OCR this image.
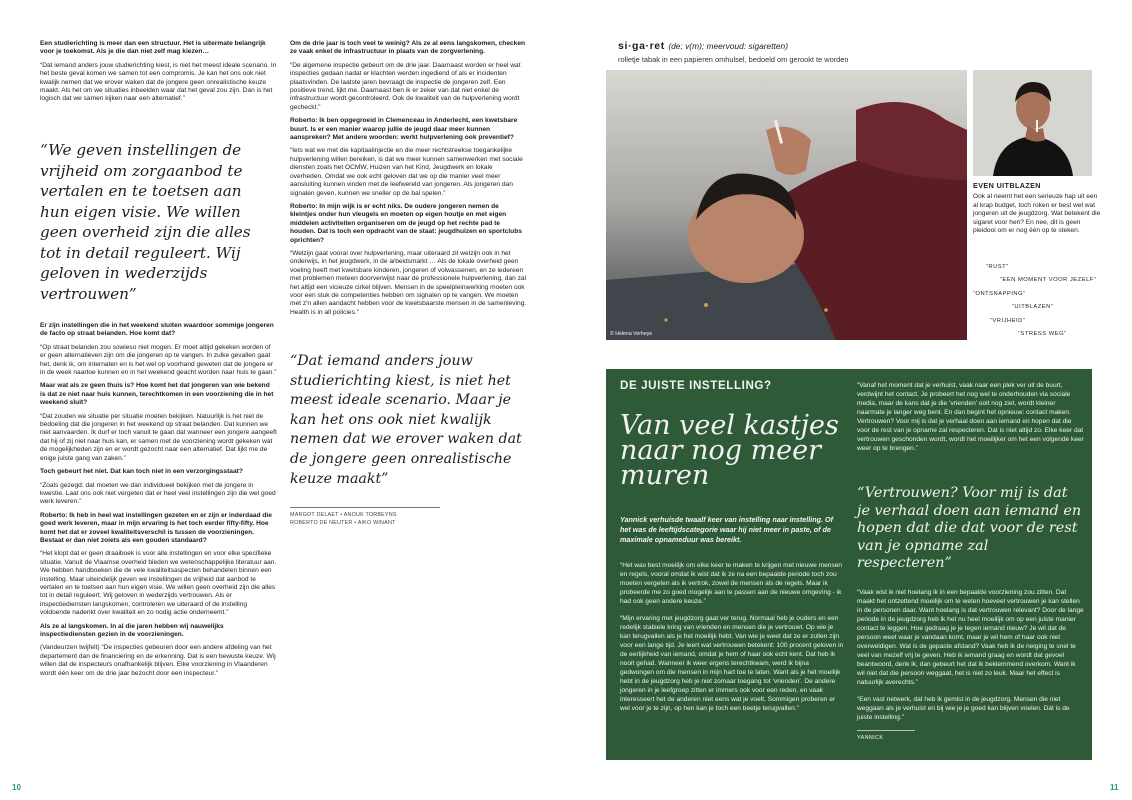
Een studierichting is meer dan een structuur. Het is uitermate belangrijk voor je toekomst. Als je die dan niet zelf mag kiezen…

“Dat iemand anders jouw studierichting kiest, is niet het meest ideale scenario. In het beste geval komen we samen tot een compromis. Je kan het ons ook niet kwalijk nemen dat we erover waken dat de jongere geen onrealistische keuze maakt. Als het om we situaties inbeelden waar dat het geval zou zijn. Dan is het logisch dat we samen kijken naar een alternatief.”

“We geven instellingen de vrijheid om zorgaanbod te vertalen en te toetsen aan hun eigen visie. We willen geen overheid zijn die alles tot in detail reguleert. Wij geloven in wederzijds vertrouwen”

Er zijn instellingen die in het weekend sluiten waardoor sommige jongeren de facto op straat belanden. Hoe komt dat?

“Op straat belanden zou sowieso niet mogen. Er moet altijd gekeken worden of er geen alternatieven zijn om die jongeren op te vangen. In zulke gevallen gaat het, denk ik, om internaten en is het wel op voorhand geweten dat de jongere er in de week naartoe kunnen en in het weekend geacht worden naar huis te gaan.”

Maar wat als ze geen thuis is? Hoe komt het dat jongeren van wie bekend is dat ze niet naar huis kunnen, terechtkomen in een voorziening die in het weekend sluit?

“Dat zouden we situatie per situatie moeten bekijken. Natuurlijk is het niet de bedoeling dat die jongeren in het weekend op straat belanden. Dat kunnen we niet aanvaarden. Ik durf er toch vanuit te gaan dat wanneer een jongere aangeeft dat hij of zij niet naar huis kan, er samen met de voorziening wordt gekeken wat de mogelijkheden zijn en er wordt gezocht naar een alternatief. Dat lijkt me de enige juiste gang van zaken.”

Toch gebeurt het niet. Dat kan toch niet in een verzorgingsstaat?

“Zoals gezegd: dat moeten we dan individueel bekijken met de jongere in kwestie. Laat ons ook niet vergeten dat er heel veel instellingen zijn die wel goed werk leveren.”

Roberto: Ik heb in heel wat instellingen gezeten en er zijn er inderdaad die goed werk leveren, maar in mijn ervaring is het toch eerder fifty-fifty. Hoe komt het dat er zoveel kwaliteitsverschil is tussen de voorzieningen. Bestaat er dan niet zoiets als een gouden standaard?

“Het klopt dat er geen draaiboek is voor alle instellingen en voor elke specifieke situatie. Vanuit de Vlaamse overheid bieden we wetenschappelijke literatuur aan. We hebben handboeken die de vele kwaliteitsaspecten behandelen binnen een instelling. Maar uiteindelijk geven we instellingen de vrijheid dat aanbod te vertalen en te toetsen aan hun eigen visie. We willen geen overheid zijn die alles tot in detail reguleert. Wij geloven in wederzijds vertrouwen. Als er inspectiediensten langskomen, controleren we uiteraard of de instelling voldoende nadenkt over kwaliteit en zo nodig actie onderneemt.”

Als ze al langskomen. In al die jaren hebben wij nauwelijks inspectiediensten gezien in de voorzieningen.

(Vandeurzen twijfelt) “De inspecties gebeuren door een andere afdeling van het departement dan de financiering en de erkenning. Dat is een bewuste keuze. Wij willen dat de inspecteurs onafhankelijk blijven. Elke voorziening in Vlaanderen wordt één keer om de drie jaar bezocht door een inspecteur.”

Om de drie jaar is toch veel te weinig? Als ze al eens langskomen, checken ze vaak enkel de infrastructuur in plaats van de zorgverlening.

“De algemene inspectie gebeurt om de drie jaar. Daarnaast worden er heel wat inspecties gedaan nadat er klachten werden ingediend of als er incidenten plaatsvinden. De laatste jaren bevraagt de inspectie de jongeren zelf. Een positieve trend, lijkt me. Daarnaast ben ik er zeker van dat niet enkel de infrastructuur wordt gecontroleerd. Ook de kwaliteit van de hulpverlening wordt gecheckt.”

Roberto: Ik ben opgegroeid in Clemenceau in Anderlecht, een kwetsbare buurt. Is er een manier waarop jullie de jeugd daar meer kunnen aanspreken? Met andere woorden: werkt hulpverlening ook preventief?

“Iets wat we met die kapitaalinjectie en die meer rechtstreekse toegankelijke hulpverlening willen bereiken, is dat we meer kunnen samenwerken met sociale diensten zoals het OCMW, Huizen van het Kind, Jeugdwerk en lokale overheden. Omdat we ook echt geloven dat we op die manier veel meer aansluiting kunnen vinden met de leefwereld van jongeren. Als jongeren dan signalen geven, kunnen we sneller op de bal spelen.”

Roberto: In mijn wijk is er echt niks. De oudere jongeren nemen de kleintjes onder hun vleugels en moeten op eigen houtje en met eigen middelen activiteiten organiseren om de jeugd op het rechte pad te houden. Dat is toch een opdracht van de staat: jeugdhuizen en sportclubs oprichten?

“Welzijn gaat vooral over hulpverlening, maar uiteraard zit welzijn ook in het onderwijs, in het jeugdwerk, in de arbeidsmarkt … Als de lokale overheid geen voeling heeft met kwetsbare kinderen, jongeren of volwassenen, en ze iedereen met problemen meteen doorverwijst naar de professionele hulpverlening, dan zal het altijd een vicieuze cirkel blijven. Mensen in de speelpleinwerking moeten ook voor een stuk de competenties hebben om signalen op te vangen. We moeten met z'n allen aandacht hebben voor de kwetsbaarste mensen in de samenleving. Health is in all policies.”

“Dat iemand anders jouw studierichting kiest, is niet het meest ideale scenario. Maar je kan het ons ook niet kwalijk nemen dat we erover waken dat de jongere geen onrealistische keuze maakt”
MARGOT DELAET • ANOUK TORBEYNS
ROBERTO DE NEUTER • AIKO WINANT
10
si·ga·ret (de; v(m); meervoud: sigaretten)
rolletje tabak in een papieren omhulsel, bedoeld om gerookt te worden
© Helena Verheye
EVEN UITBLAZEN
Ook al neemt het een serieuze hap uit een al krap budget, toch roken er best wel wat jongeren uit de jeugdzorg. Wat betekent die sigaret voor hen? En nee, dit is geen pleidooi om er nog één op te steken.
“RUST”
“EEN MOMENT VOOR JEZELF”
“ONTSNAPPING”
“UITBLAZEN”
“VRIJHEID”
“STRESS WEG”
DE JUISTE INSTELLING?
Van veel kastjes naar nog meer muren
Yannick verhuisde twaalf keer van instelling naar instelling. Of het was de leeftijdscategorie waar hij niet meer in paste, of de maximale opnameduur was bereikt.

“Het was best moeilijk om elke keer te maken te krijgen met nieuwe mensen en regels, vooral omdat ik wist dat ik ze na een bepaalde periode toch zou moeten vergeten als ik vertrok, zowel de mensen als de regels. Maar ik probeerde me zo goed mogelijk aan te passen aan de nieuwe omgeving - ik had ook geen andere keuze.”

“Mijn ervaring met jeugdzorg gaat ver terug. Normaal heb je ouders en een redelijk stabiele kring van vrienden en mensen die je vertrouwt. Op wie je kan terugvallen als je het moeilijk hebt. Van wie je weet dat ze er zullen zijn voor een lange tijd. Je leert wat vertrouwen betekent: 100 procent geloven in de eerlijkheid van iemand, omdat je hem of haar ook echt kent. Dat heb ik nooit gehad. Wanneer ik weer ergens terechtkwam, werd ik bijna gedwongen om die mensen in mijn hart toe te laten. Want als je het moeilijk hebt in de jeugdzorg heb je niet zomaar toegang tot ‘vrienden’. De andere jongeren in je leefgroep zitten er immers ook voor een reden, en vaak interesseert het de anderen niet eens wat je voelt. Sommigen proberen er wel voor je te zijn, op hen kan je toch een beetje terugvallen.”

“Vanaf het moment dat je verhuist, vaak naar een plek ver uit de buurt, verdwijnt het contact. Je probeert het nog wel te onderhouden via sociale media, maar de kans dat je die ‘vrienden’ ooit nog ziet, wordt kleiner naarmate je langer weg bent. En dan begint het opnieuw: contact maken. Vertrouwen? Voor mij is dat je verhaal doen aan iemand en hopen dat die voor de rest van je opname zal respecteren. Dat is niet altijd zo. Elke keer dat vertrouwen geschonden wordt, wordt het moeilijker om het een volgende keer weer op te brengen.”

“Vertrouwen? Voor mij is dat je verhaal doen aan iemand en hopen dat die dat voor de rest van je opname zal respecteren”

“Vaak wist ik niet hoelang ik in een bepaalde voorziening zou zitten. Dat maakt het ontzettend moeilijk om te weten hoeveel vertrouwen je kan stellen in de personen daar. Want hoelang is dat vertrouwen relevant? Door de lange periode in de jeugdzorg heb ik het nu heel moeilijk om op een juiste manier contact te leggen. Hoe gedraag je je tegen iemand nieuw? Je wil dat de persoon weet waar je vandaan komt, maar je wil hem of haar ook niet overweldigen. Wat is de gepaste afstand? Vaak heb ik de neiging te snel te veel van mezelf vrij te geven. Heb ik iemand graag en wordt dat gevoel beantwoord, denk ik, dan gebeurt het dat ik beklemmend overkom. Want ik wil niet dat die persoon weggaat, het is niet zo leuk. Maar het effect is natuurlijk averechts.”

“Een vast netwerk, dat heb ik gemist in de jeugdzorg. Mensen die niet weggaan als je verhuist en bij wie je je goed kan blijven voelen. Dát is de juiste instelling.”

YANNICK
11
